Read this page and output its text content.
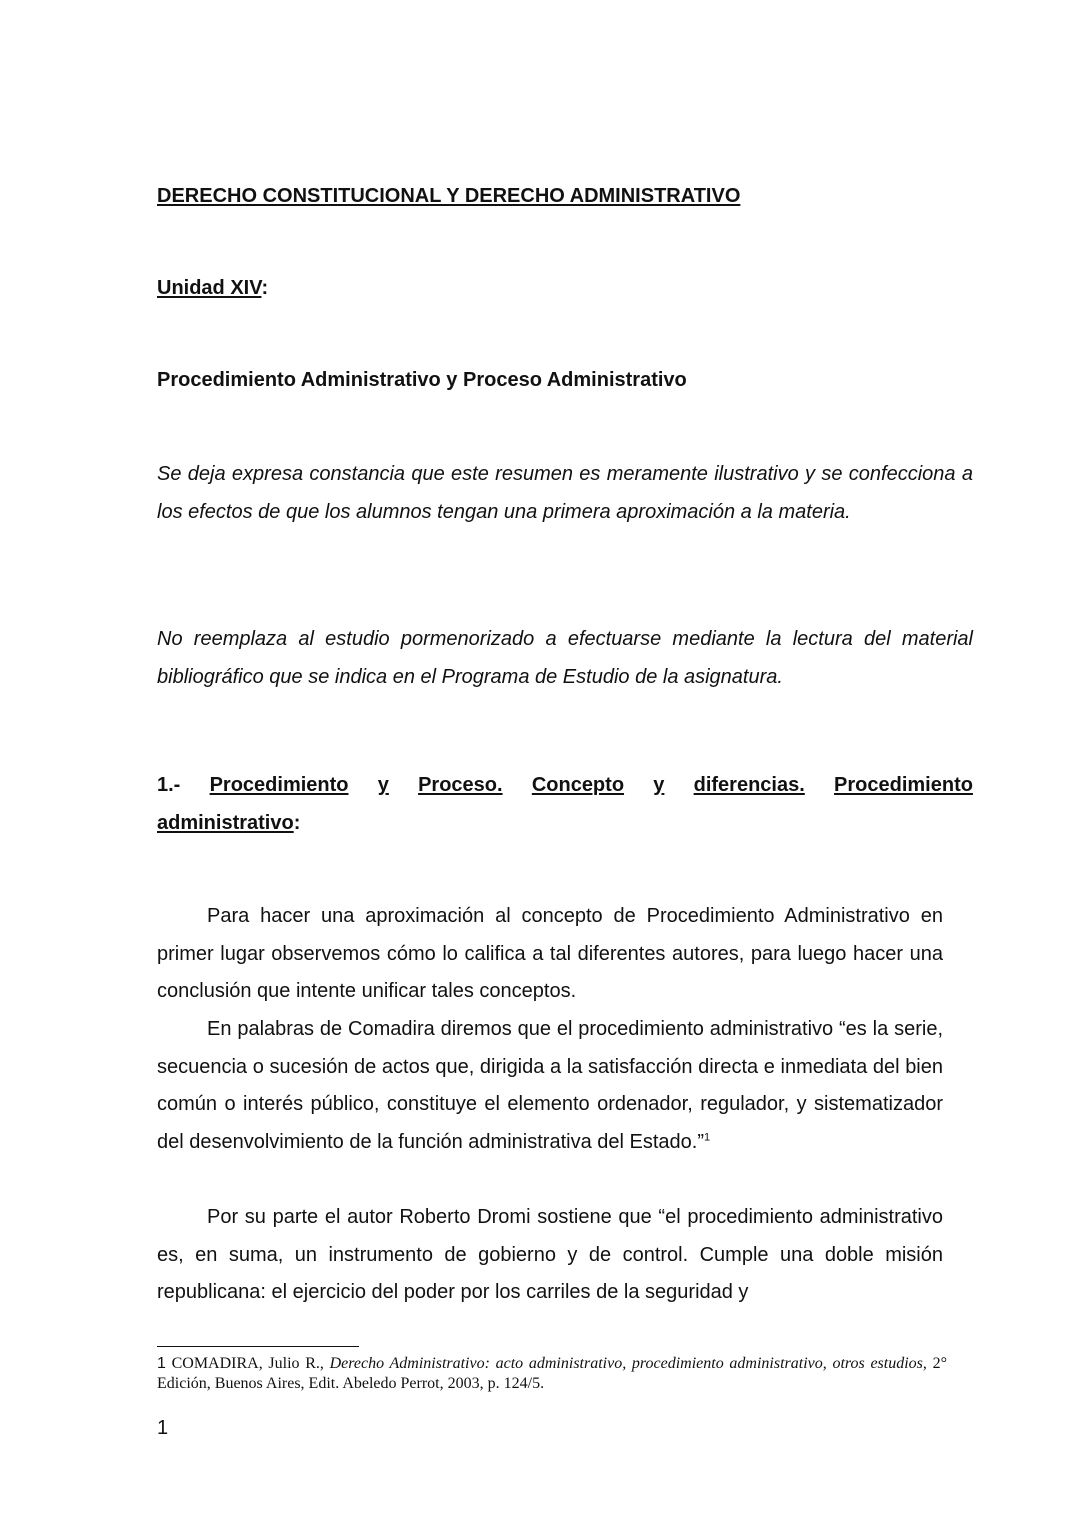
DERECHO CONSTITUCIONAL Y DERECHO ADMINISTRATIVO

Unidad XIV:

Procedimiento Administrativo y Proceso Administrativo

Se deja expresa constancia que este resumen es meramente ilustrativo y se confecciona a los efectos de que los alumnos tengan una primera aproximación a la materia.

No reemplaza al estudio pormenorizado a efectuarse mediante la lectura del material bibliográfico que se indica en el Programa de Estudio de la asignatura.

1.- Procedimiento y Proceso. Concepto y diferencias. Procedimiento

administrativo:

Para hacer una aproximación al concepto de Procedimiento Administrativo en primer lugar observemos cómo lo califica a tal diferentes autores, para luego hacer una conclusión que intente unificar tales conceptos.

En palabras de Comadira diremos que el procedimiento administrativo “es la serie, secuencia o sucesión de actos que, dirigida a la satisfacción directa e inmediata del bien común o interés público, constituye el elemento ordenador, regulador, y sistematizador del desenvolvimiento de la función administrativa del Estado.”$^1$

Por su parte el autor Roberto Dromi sostiene que “el procedimiento administrativo es, en suma, un instrumento de gobierno y de control. Cumple una doble misión republicana: el ejercicio del poder por los carriles de la seguridad y

1 COMADIRA, Julio R., Derecho Administrativo: acto administrativo, procedimiento administrativo, otros estudios, 2° Edición, Buenos Aires, Edit. Abeledo Perrot, 2003, p. 124/5.

1
